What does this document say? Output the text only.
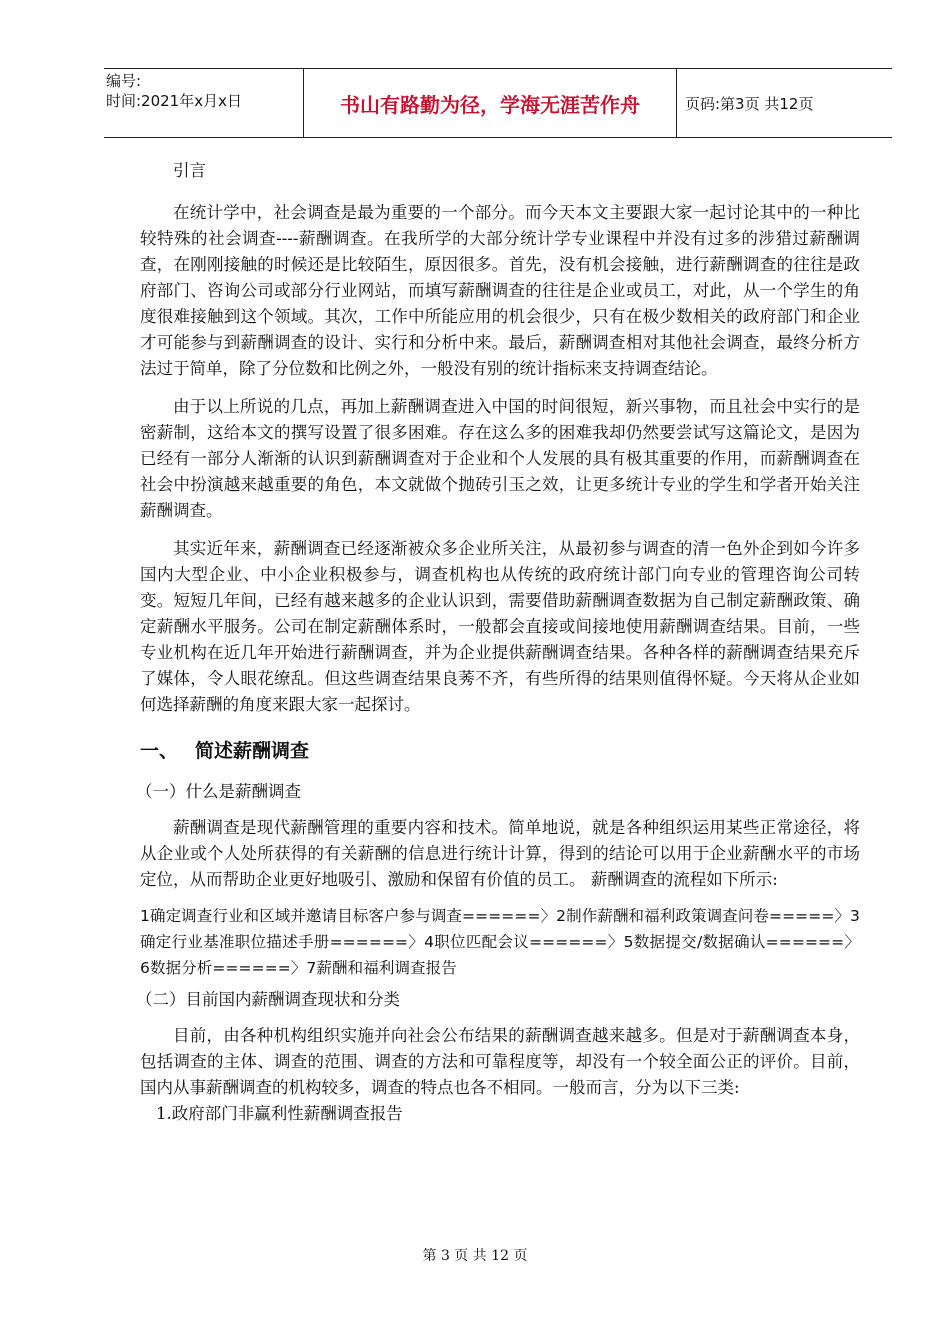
编号:
时间:2021年x月x日	书山有路勤为径，学海无涯苦作舟	页码:第3页 共12页

引言

在统计学中，社会调查是最为重要的一个部分。而今天本文主要跟大家一起讨论其中的一种比较特殊的社会调查----薪酬调查。在我所学的大部分统计学专业课程中并没有过多的涉猎过薪酬调查，在刚刚接触的时候还是比较陌生，原因很多。首先，没有机会接触，进行薪酬调查的往往是政府部门、咨询公司或部分行业网站，而填写薪酬调查的往往是企业或员工，对此，从一个学生的角度很难接触到这个领域。其次，工作中所能应用的机会很少，只有在极少数相关的政府部门和企业才可能参与到薪酬调查的设计、实行和分析中来。最后，薪酬调查相对其他社会调查，最终分析方法过于简单，除了分位数和比例之外，一般没有别的统计指标来支持调查结论。

由于以上所说的几点，再加上薪酬调查进入中国的时间很短，新兴事物，而且社会中实行的是密薪制，这给本文的撰写设置了很多困难。存在这么多的困难我却仍然要尝试写这篇论文，是因为已经有一部分人渐渐的认识到薪酬调查对于企业和个人发展的具有极其重要的作用，而薪酬调查在社会中扮演越来越重要的角色，本文就做个抛砖引玉之效，让更多统计专业的学生和学者开始关注薪酬调查。

其实近年来，薪酬调查已经逐渐被众多企业所关注，从最初参与调查的清一色外企到如今许多国内大型企业、中小企业积极参与，调查机构也从传统的政府统计部门向专业的管理咨询公司转变。短短几年间，已经有越来越多的企业认识到，需要借助薪酬调查数据为自己制定薪酬政策、确定薪酬水平服务。公司在制定薪酬体系时，一般都会直接或间接地使用薪酬调查结果。目前，一些专业机构在近几年开始进行薪酬调查，并为企业提供薪酬调查结果。各种各样的薪酬调查结果充斥了媒体，令人眼花缭乱。但这些调查结果良莠不齐，有些所得的结果则值得怀疑。今天将从企业如何选择薪酬的角度来跟大家一起探讨。

一、 简述薪酬调查

（一）什么是薪酬调查

薪酬调查是现代薪酬管理的重要内容和技术。简单地说，就是各种组织运用某些正常途径，将从企业或个人处所获得的有关薪酬的信息进行统计计算，得到的结论可以用于企业薪酬水平的市场定位，从而帮助企业更好地吸引、激励和保留有价值的员工。 薪酬调查的流程如下所示:

1确定调查行业和区域并邀请目标客户参与调查======〉2制作薪酬和福利政策调查问卷=====〉3确定行业基准职位描述手册======〉4职位匹配会议======〉5数据提交/数据确认======〉6数据分析======〉7薪酬和福利调查报告

（二）目前国内薪酬调查现状和分类

目前，由各种机构组织实施并向社会公布结果的薪酬调查越来越多。但是对于薪酬调查本身，包括调查的主体、调查的范围、调查的方法和可靠程度等，却没有一个较全面公正的评价。目前，国内从事薪酬调查的机构较多，调查的特点也各不相同。一般而言，分为以下三类:

1.政府部门非赢利性薪酬调查报告

第 3 页 共 12 页
